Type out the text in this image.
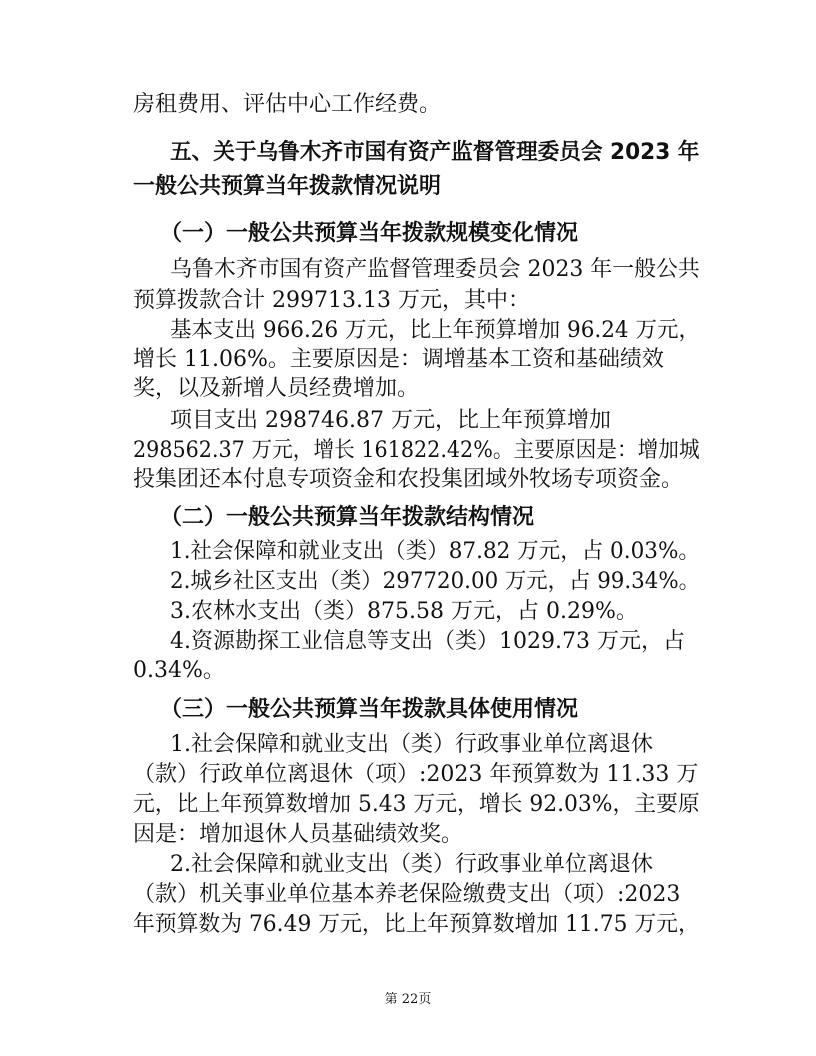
房租费用、评估中心工作经费。
五、关于乌鲁木齐市国有资产监督管理委员会 2023 年
一般公共预算当年拨款情况说明
（一）一般公共预算当年拨款规模变化情况
乌鲁木齐市国有资产监督管理委员会 2023 年一般公共
预算拨款合计 299713.13 万元，其中：
基本支出 966.26 万元，比上年预算增加 96.24 万元，
增长 11.06%。主要原因是：调增基本工资和基础绩效
奖，以及新增人员经费增加。
项目支出 298746.87 万元，比上年预算增加
298562.37 万元，增长 161822.42%。主要原因是：增加城
投集团还本付息专项资金和农投集团域外牧场专项资金。
（二）一般公共预算当年拨款结构情况
1.社会保障和就业支出（类）87.82 万元，占 0.03%。
2.城乡社区支出（类）297720.00 万元，占 99.34%。
3.农林水支出（类）875.58 万元，占 0.29%。
4.资源勘探工业信息等支出（类）1029.73 万元，占
0.34%。
（三）一般公共预算当年拨款具体使用情况
1.社会保障和就业支出（类）行政事业单位离退休
（款）行政单位离退休（项）:2023 年预算数为 11.33 万
元，比上年预算数增加 5.43 万元，增长 92.03%，主要原
因是：增加退休人员基础绩效奖。
2.社会保障和就业支出（类）行政事业单位离退休
（款）机关事业单位基本养老保险缴费支出（项）:2023
年预算数为 76.49 万元，比上年预算数增加 11.75 万元，
第 22页
